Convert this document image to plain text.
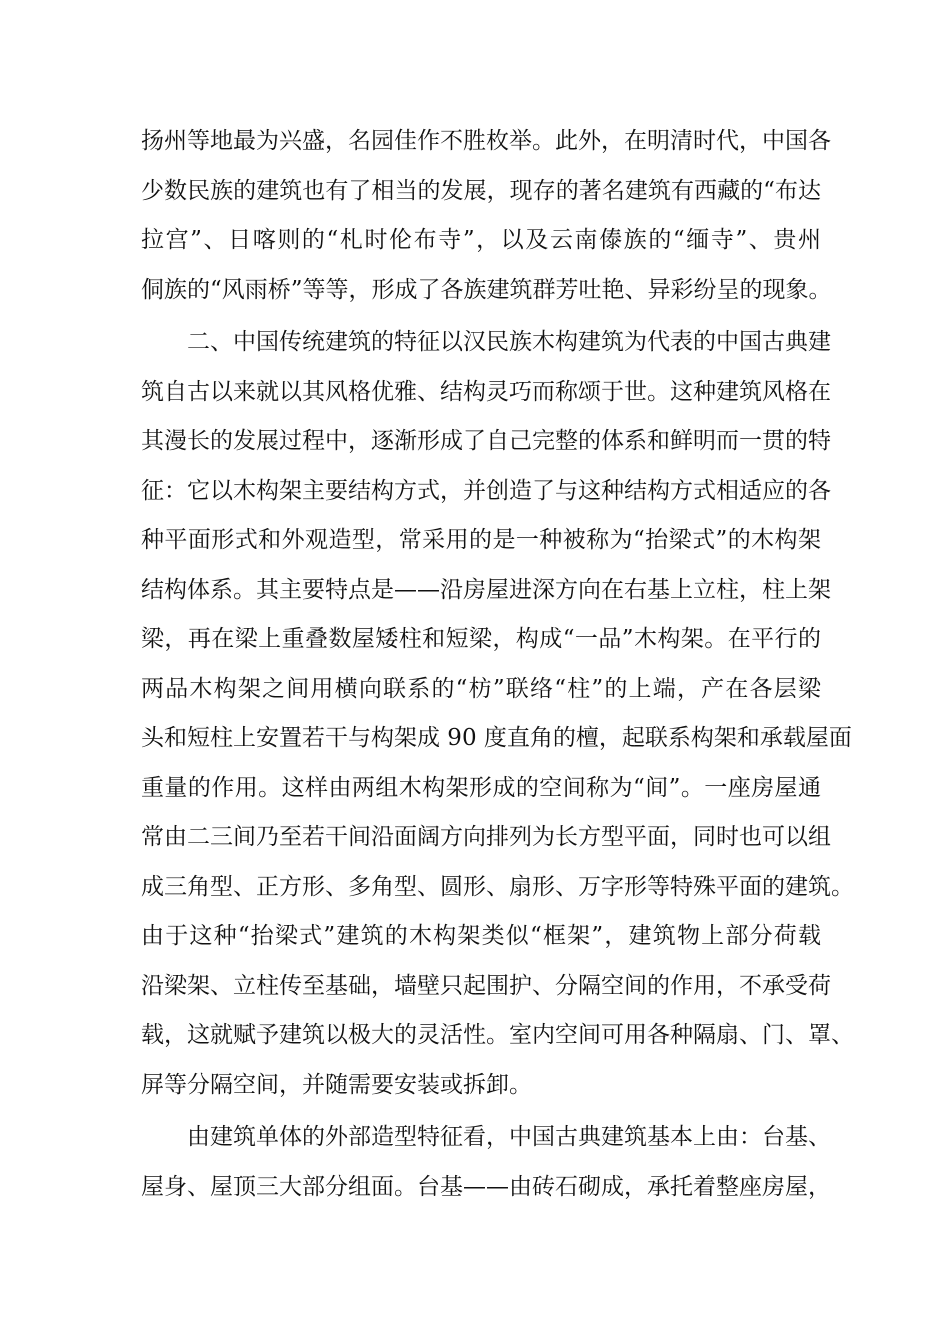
扬州等地最为兴盛，名园佳作不胜枚举。此外，在明清时代，中国各
少数民族的建筑也有了相当的发展，现存的著名建筑有西藏的“布达
拉宫”、日喀则的“札时伦布寺”，以及云南傣族的“缅寺”、贵州
侗族的“风雨桥”等等，形成了各族建筑群芳吐艳、异彩纷呈的现象。
二、中国传统建筑的特征以汉民族木构建筑为代表的中国古典建
筑自古以来就以其风格优雅、结构灵巧而称颂于世。这种建筑风格在
其漫长的发展过程中，逐渐形成了自己完整的体系和鲜明而一贯的特
征：它以木构架主要结构方式，并创造了与这种结构方式相适应的各
种平面形式和外观造型，常采用的是一种被称为“抬梁式”的木构架
结构体系。其主要特点是——沿房屋进深方向在右基上立柱，柱上架
梁，再在梁上重叠数屋矮柱和短梁，构成“一品”木构架。在平行的
两品木构架之间用横向联系的“枋”联络“柱”的上端，产在各层梁
头和短柱上安置若干与构架成 90 度直角的檀，起联系构架和承载屋面
重量的作用。这样由两组木构架形成的空间称为“间”。一座房屋通
常由二三间乃至若干间沿面阔方向排列为长方型平面，同时也可以组
成三角型、正方形、多角型、圆形、扇形、万字形等特殊平面的建筑。
由于这种“抬梁式”建筑的木构架类似“框架”，建筑物上部分荷载
沿梁架、立柱传至基础，墙壁只起围护、分隔空间的作用，不承受荷
载，这就赋予建筑以极大的灵活性。室内空间可用各种隔扇、门、罩、
屏等分隔空间，并随需要安装或拆卸。
由建筑单体的外部造型特征看，中国古典建筑基本上由：台基、
屋身、屋顶三大部分组面。台基——由砖石砌成，承托着整座房屋，
